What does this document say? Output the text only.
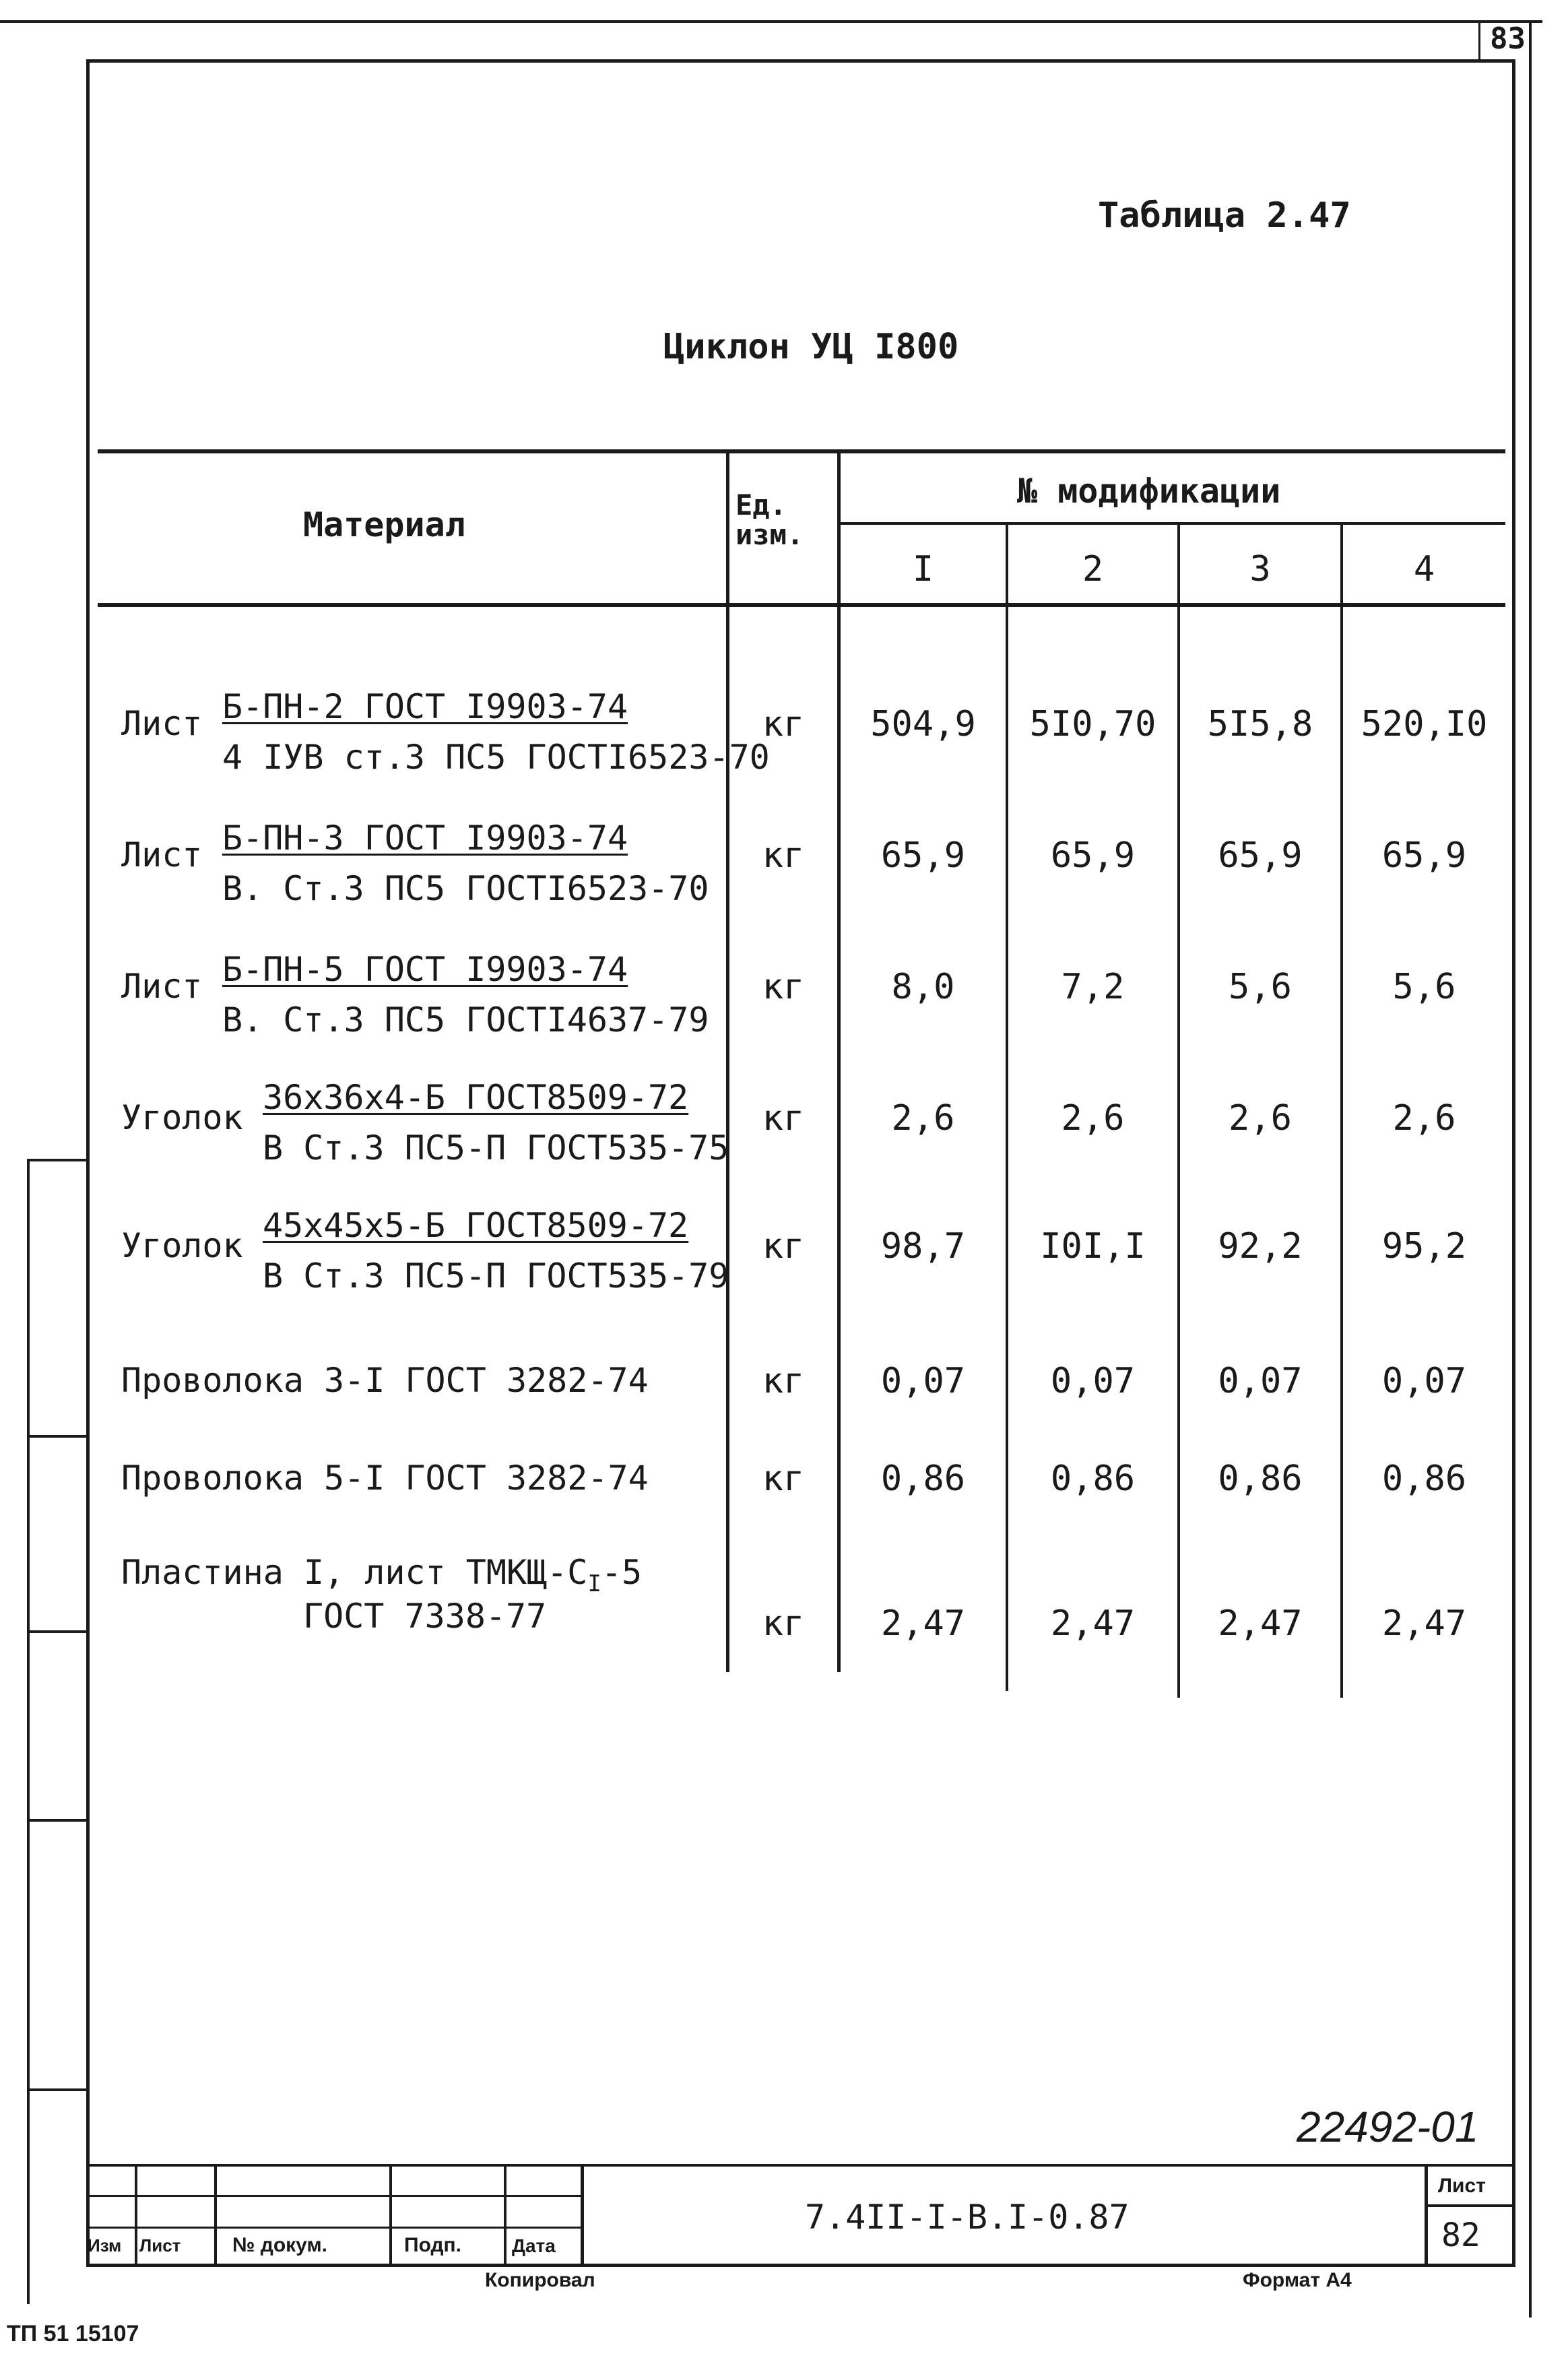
83
Таблица 2.47
Циклон УЦ I800
Материал
Ед. изм.
№ модификации
I	2	3	4
Лист Б-ПН-2 ГОСТ I9903-74
4 IУВ ст.3 ПС5 ГОСТI6523-70
кг	504,9	5I0,70	5I5,8	520,I0
Лист Б-ПН-3 ГОСТ I9903-74
В. Ст.3 ПС5 ГОСТI6523-70
кг	65,9	65,9	65,9	65,9
Лист Б-ПН-5 ГОСТ I9903-74
В. Ст.3 ПС5 ГОСТI4637-79
кг	8,0	7,2	5,6	5,6
Уголок
36х36х4-Б ГОСТ8509-72
В Ст.3 ПС5-П ГОСТ535-75
кг	2,6	2,6	2,6	2,6
Уголок
45х45х5-Б ГОСТ8509-72
В Ст.3 ПС5-П ГОСТ535-79
кг	98,7	I0I,I	92,2	95,2
Проволока 3-I ГОСТ 3282-74	кг	0,07	0,07	0,07	0,07
Проволока 5-I ГОСТ 3282-74	кг	0,86	0,86	0,86	0,86
Пластина I, лист ТМКЩ-$С_I-5$
ГОСТ 7338-77	кг	2,47	2,47	2,47	2,47
22492-01
Изм Лист	№ докум.	Подп.	Дата
7.4II-I-В.I-0.87
Лист
82
Копировал	Формат А4
ТП 51 15107
